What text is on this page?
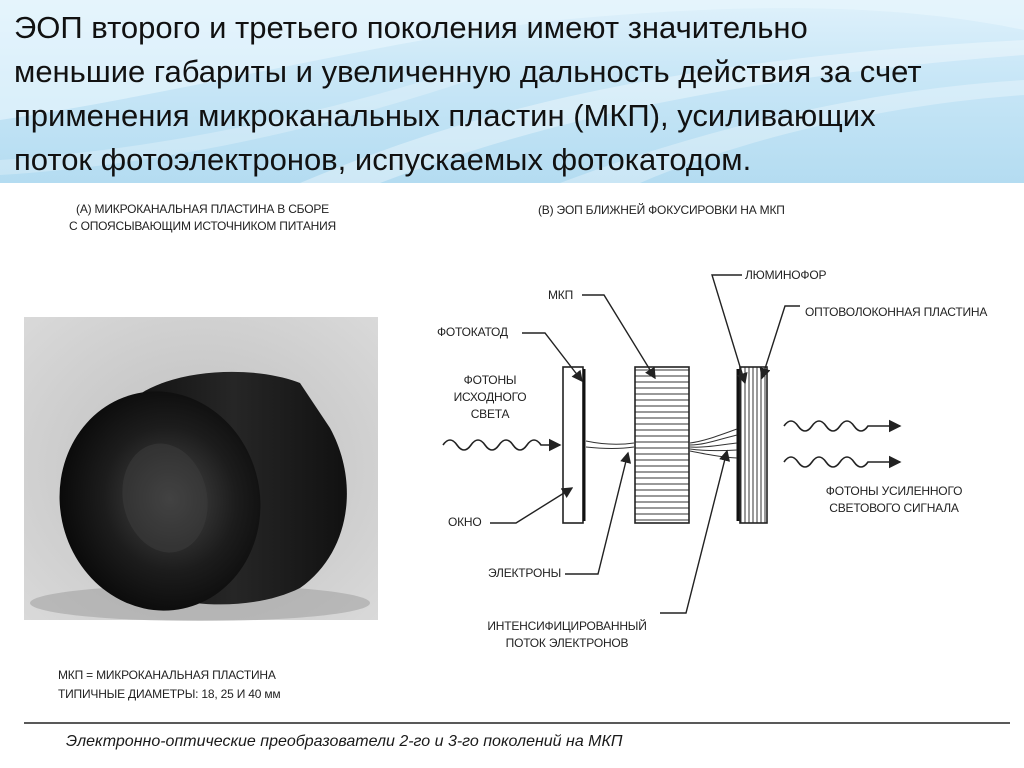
ЭОП второго и третьего поколения имеют значительно
меньшие габариты и увеличенную дальность действия за счет
применения микроканальных пластин (МКП), усиливающих
поток фотоэлектронов, испускаемых фотокатодом.

(А) МИКРОКАНАЛЬНАЯ ПЛАСТИНА В СБОРЕ
С ОПОЯСЫВАЮЩИМ ИСТОЧНИКОМ ПИТАНИЯ
МКП = МИКРОКАНАЛЬНАЯ ПЛАСТИНА
ТИПИЧНЫЕ ДИАМЕТРЫ: 18, 25 И 40 мм
(В) ЭОП БЛИЖНЕЙ ФОКУСИРОВКИ НА МКП
МКП
ЛЮМИНОФОР
ОПТОВОЛОКОННАЯ ПЛАСТИНА
ФОТОКАТОД
ФОТОНЫ
ИСХОДНОГО
СВЕТА
ОКНО
ЭЛЕКТРОНЫ
ИНТЕНСИФИЦИРОВАННЫЙ
ПОТОК ЭЛЕКТРОНОВ
ФОТОНЫ УСИЛЕННОГО
СВЕТОВОГО СИГНАЛА
Электронно-оптические преобразователи 2-го и 3-го поколений на МКП
